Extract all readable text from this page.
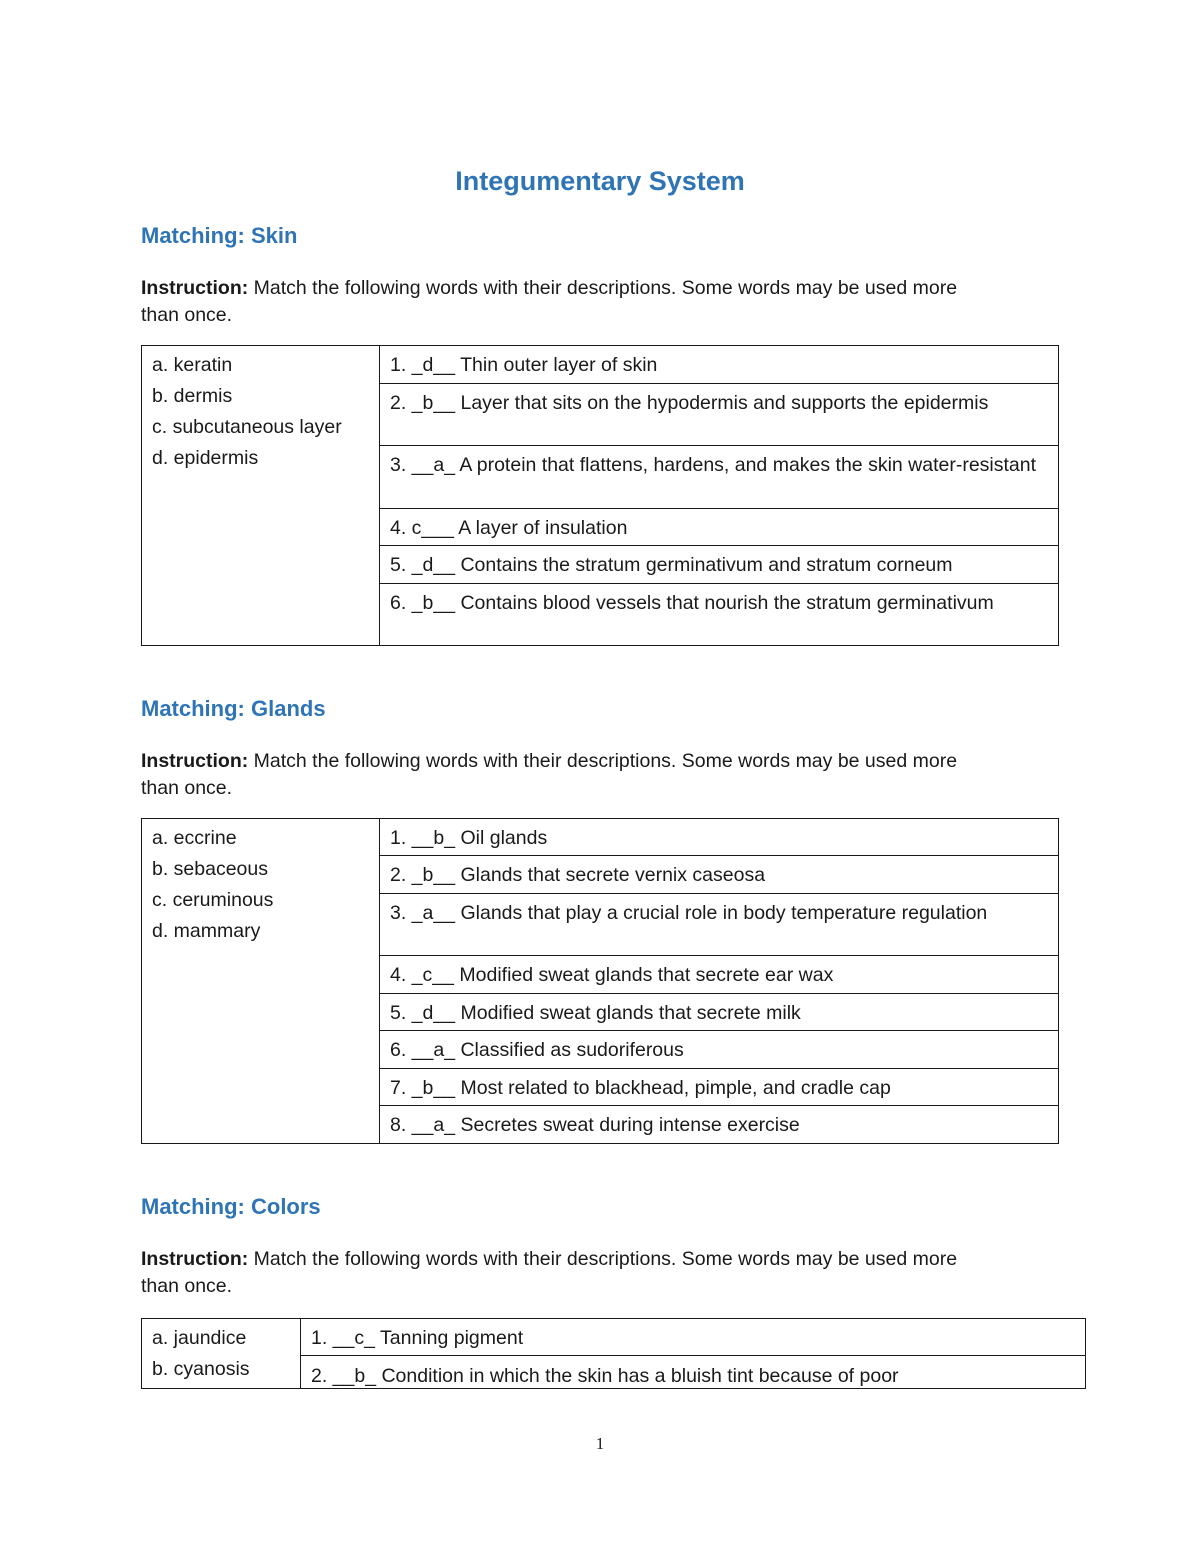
Integumentary System
Matching: Skin

Instruction: Match the following words with their descriptions. Some words may be used more
than once.

a. keratin
b. dermis
c. subcutaneous layer
d. epidermis
	1. _d__ Thin outer layer of skin
2. _b__ Layer that sits on the hypodermis and supports the epidermis
3. __a_ A protein that flattens, hardens, and makes the skin water-resistant
4. c___ A layer of insulation
5. _d__ Contains the stratum germinativum and stratum corneum
6. _b__ Contains blood vessels that nourish the stratum germinativum
Matching: Glands

Instruction: Match the following words with their descriptions. Some words may be used more
than once.

a. eccrine
b. sebaceous
c. ceruminous
d. mammary
	1. __b_ Oil glands
2. _b__ Glands that secrete vernix caseosa
3. _a__ Glands that play a crucial role in body temperature regulation
4. _c__ Modified sweat glands that secrete ear wax
5. _d__ Modified sweat glands that secrete milk
6. __a_ Classified as sudoriferous
7. _b__ Most related to blackhead, pimple, and cradle cap
8. __a_ Secretes sweat during intense exercise
Matching: Colors

Instruction: Match the following words with their descriptions. Some words may be used more
than once.

a. jaundice
b. cyanosis
	1. __c_ Tanning pigment
2. __b_ Condition in which the skin has a bluish tint because of poor
1
